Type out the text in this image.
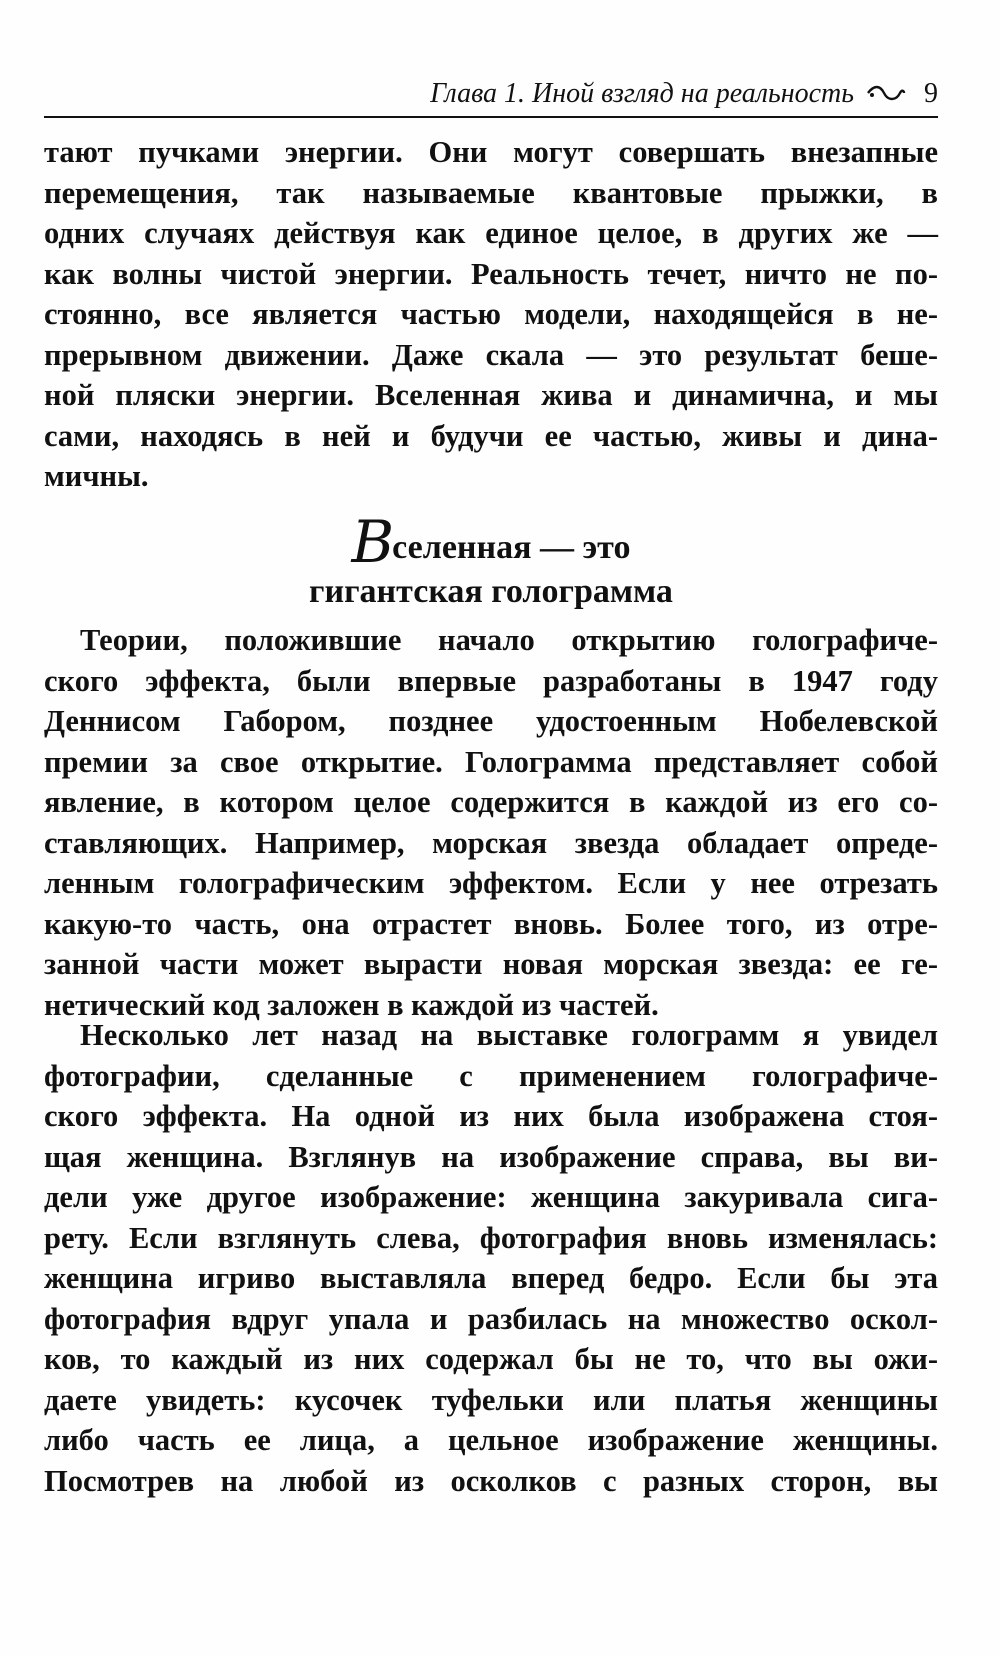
Глава 1. Иной взгляд на реальность	9

тают пучками энергии. Они могут совершать внезапные
перемещения, так называемые квантовые прыжки, в
одних случаях действуя как единое целое, в других же —
как волны чистой энергии. Реальность течет, ничто не по-
стоянно, все является частью модели, находящейся в не-
прерывном движении. Даже скала — это результат беше-
ной пляски энергии. Вселенная жива и динамична, и мы
сами, находясь в ней и будучи ее частью, живы и дина-
мичны.

Вселенная — это
гигантская голограмма

Теории, положившие начало открытию голографиче-
ского эффекта, были впервые разработаны в 1947 году
Деннисом Габором, позднее удостоенным Нобелевской
премии за свое открытие. Голограмма представляет собой
явление, в котором целое содержится в каждой из его со-
ставляющих. Например, морская звезда обладает опреде-
ленным голографическим эффектом. Если у нее отрезать
какую-то часть, она отрастет вновь. Более того, из отре-
занной части может вырасти новая морская звезда: ее ге-
нетический код заложен в каждой из частей.

Несколько лет назад на выставке голограмм я увидел
фотографии, сделанные с применением голографиче-
ского эффекта. На одной из них была изображена стоя-
щая женщина. Взглянув на изображение справа, вы ви-
дели уже другое изображение: женщина закуривала сига-
рету. Если взглянуть слева, фотография вновь изменялась:
женщина игриво выставляла вперед бедро. Если бы эта
фотография вдруг упала и разбилась на множество оскол-
ков, то каждый из них содержал бы не то, что вы ожи-
даете увидеть: кусочек туфельки или платья женщины
либо часть ее лица, а цельное изображение женщины.
Посмотрев на любой из осколков с разных сторон, вы
